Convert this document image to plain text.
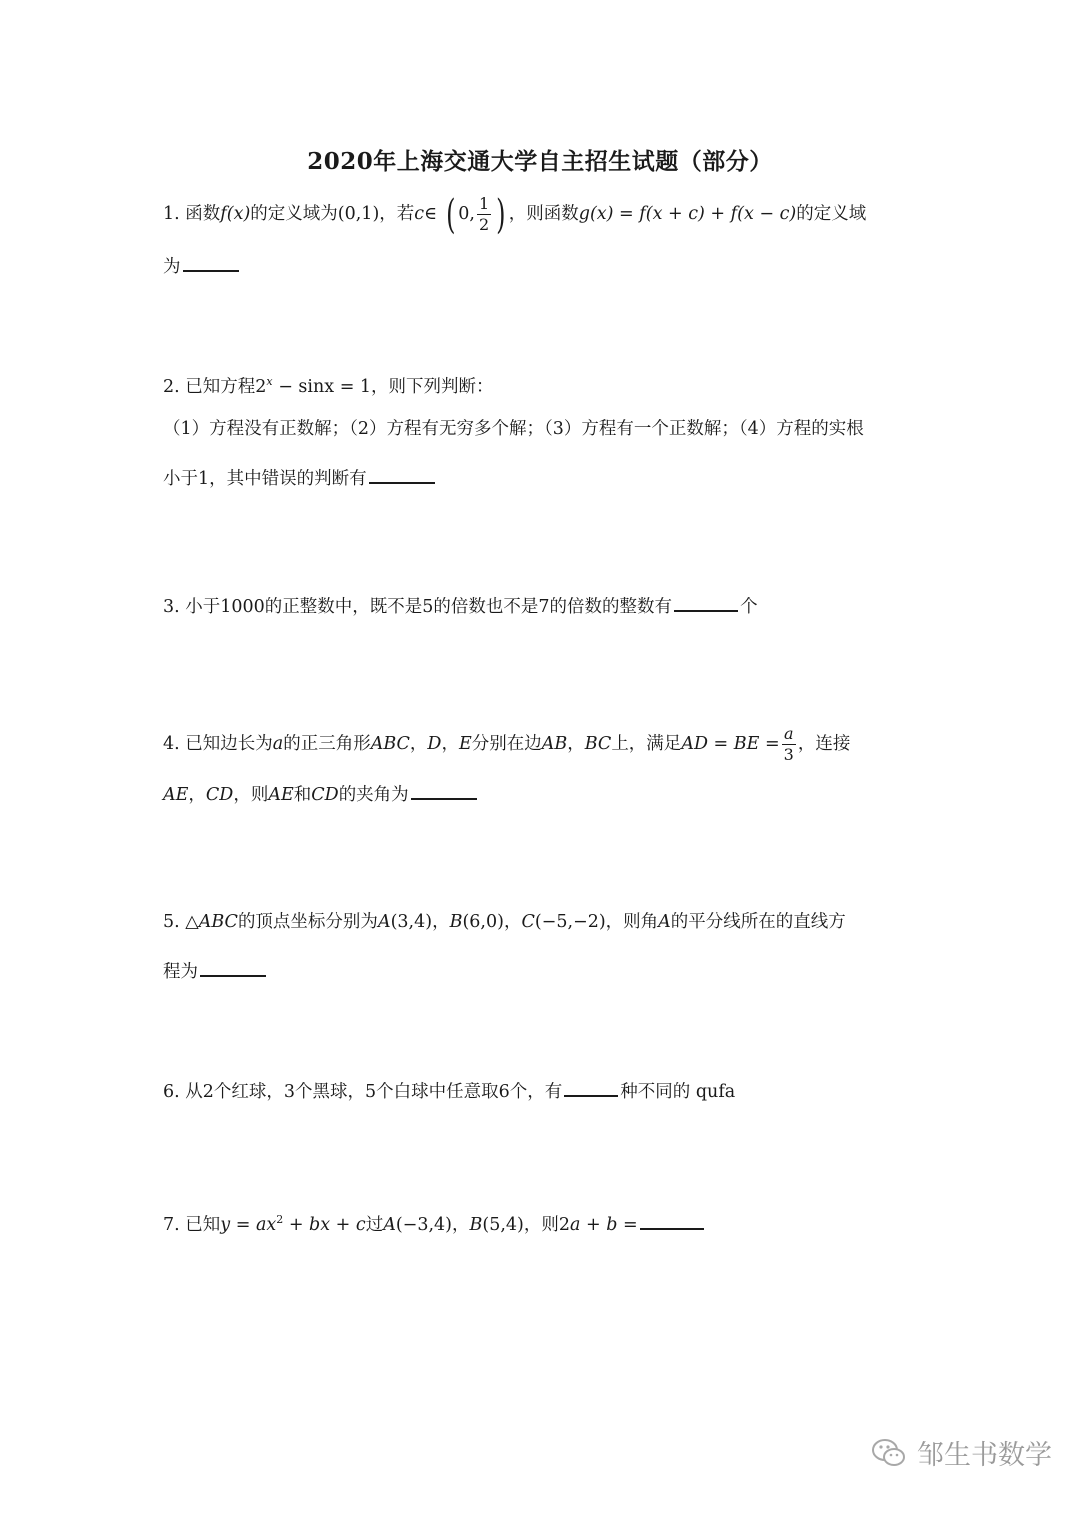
2020年上海交通大学自主招生试题（部分）
1. 函数f(x)的定义域为(0,1)，若c∈ ( 0, $\frac{1}{2}$ ) ，则函数g(x) = f(x + c) + f(x − c)的定义域
为
2. 已知方程$2^x - \sin x = 1$，则下列判断：
（1）方程没有正数解；（2）方程有无穷多个解；（3）方程有一个正数解；（4）方程的实根
小于1，其中错误的判断有
3. 小于1000的正整数中，既不是5的倍数也不是7的倍数的整数有	个
4. 已知边长为a的正三角形ABC，D，E分别在边AB，BC上，满足AD = BE = $\frac{a}{3}$ ，连接
AE，CD，则AE和CD的夹角为
5. △ABC的顶点坐标分别为A(3,4)，B(6,0)，C(−5,−2)，则角A的平分线所在的直线方
程为
6. 从2个红球，3个黑球，5个白球中任意取6个，有	种不同的 qufa
7. 已知$y = ax^2$ + bx + c过A(−3,4)，B(5,4)，则2a + b =
邹生书数学
